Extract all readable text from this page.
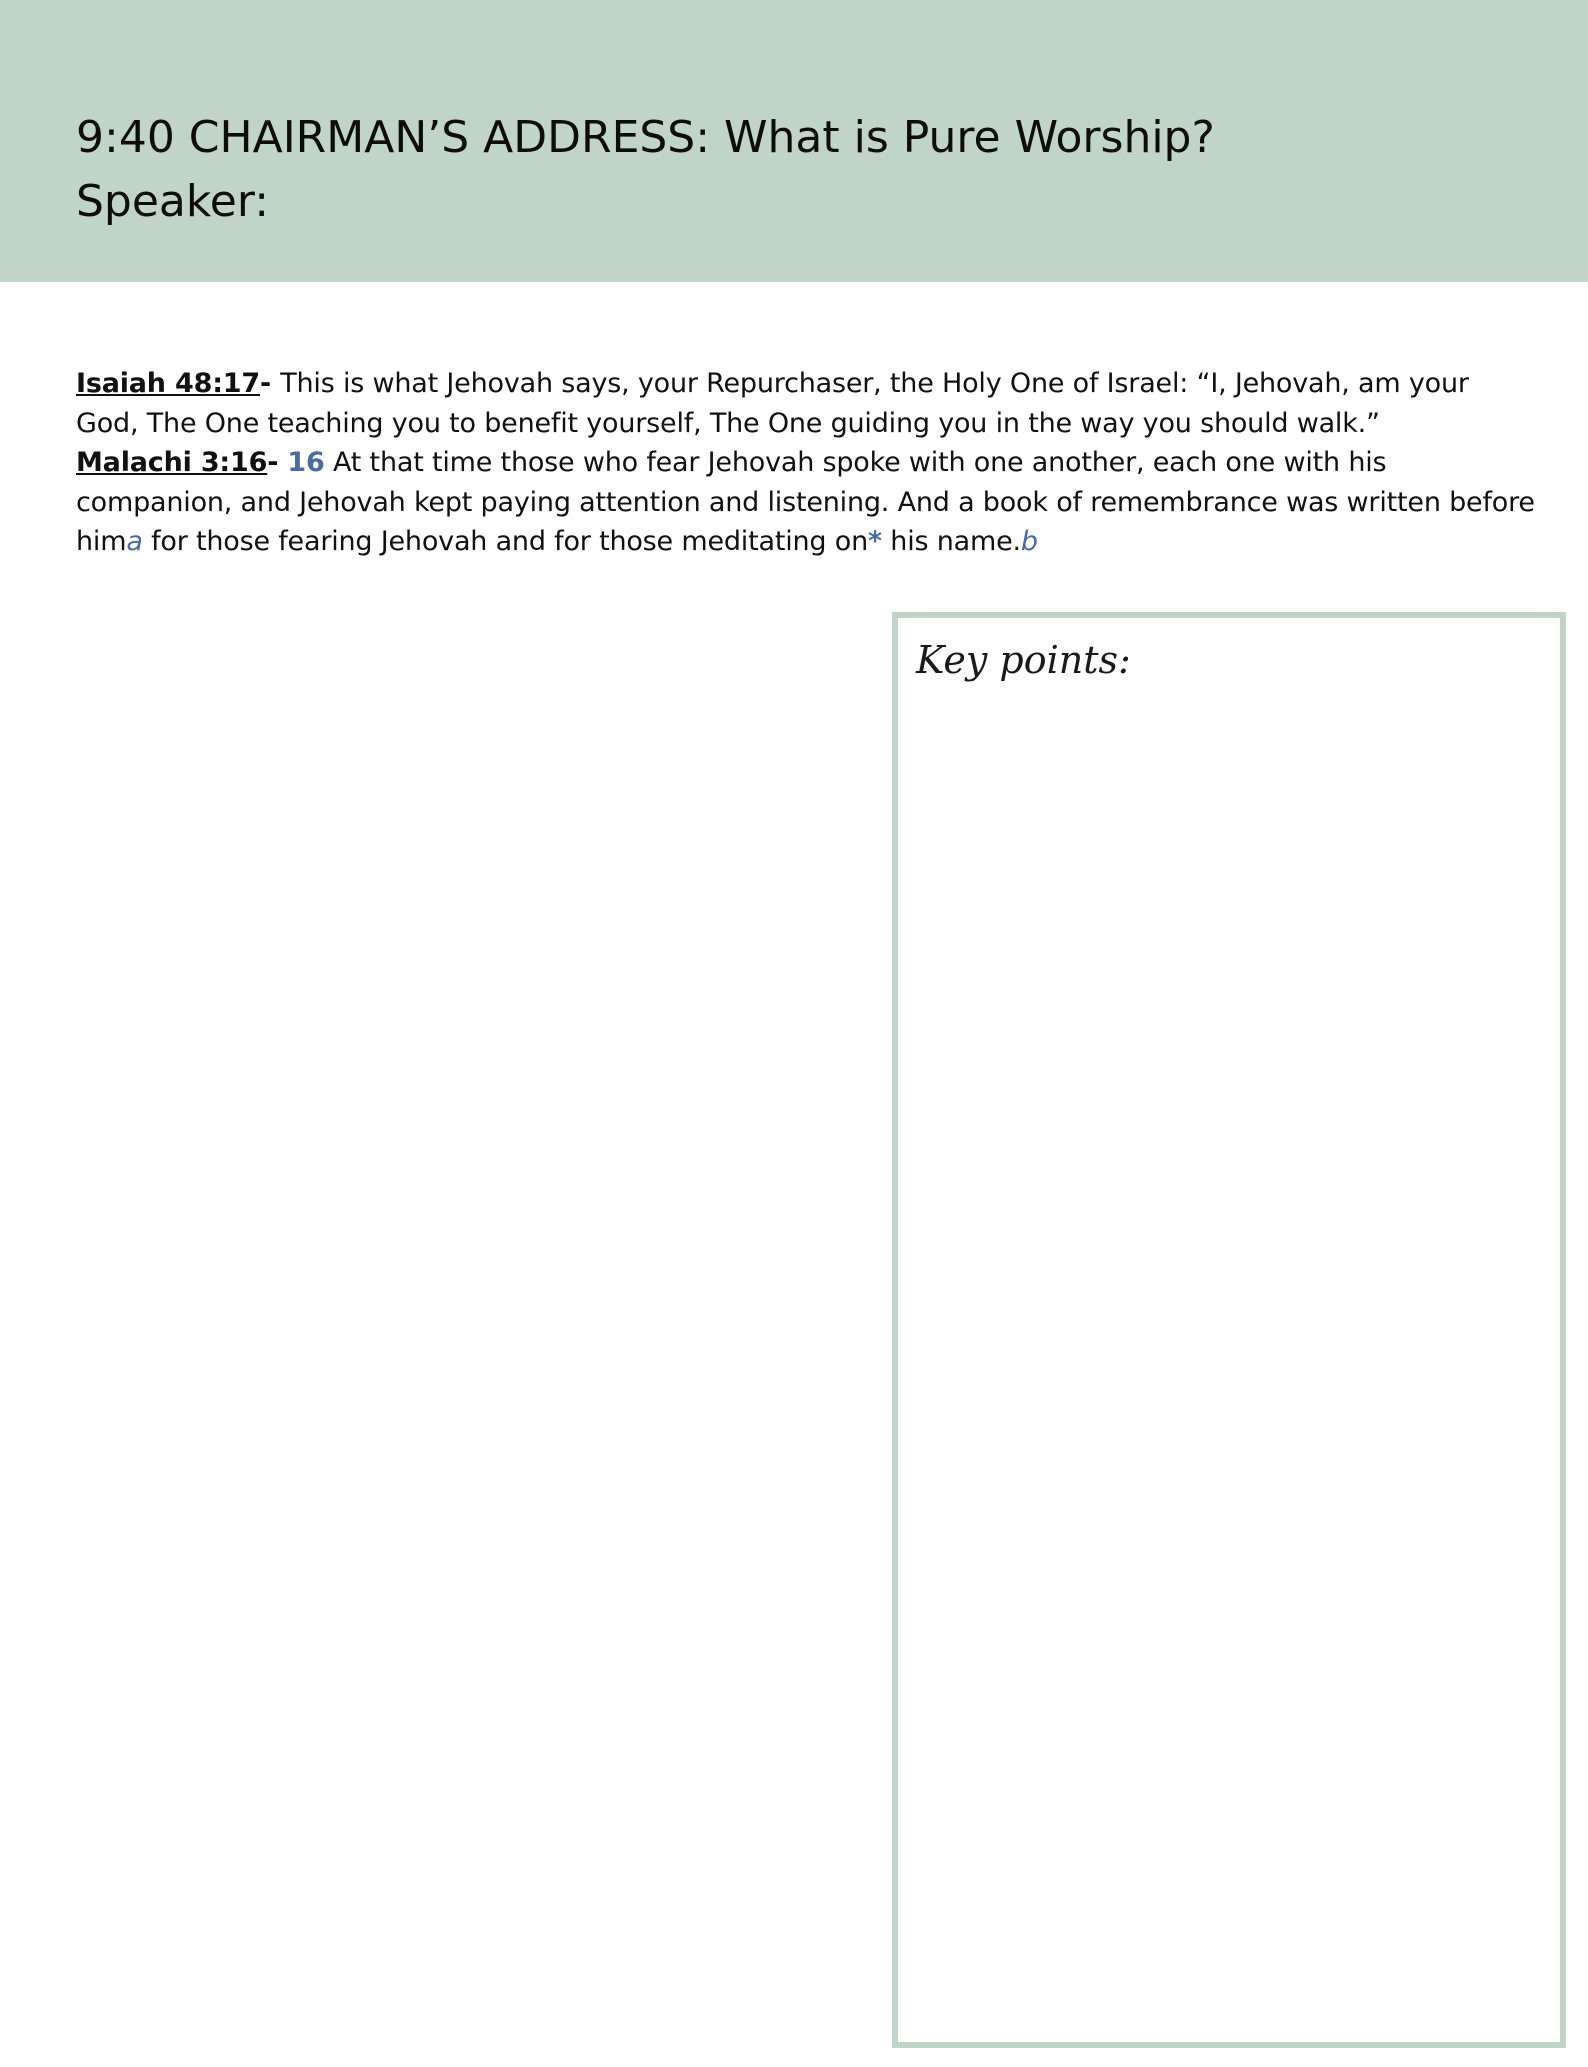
9:40 CHAIRMAN’S ADDRESS: What is Pure Worship?
Speaker:

Isaiah 48:17- This is what Jehovah says, your Repurchaser, the Holy One of Israel: “I, Jehovah, am your God, The One teaching you to benefit yourself, The One guiding you in the way you should walk.”

Malachi 3:16- 16 At that time those who fear Jehovah spoke with one another, each one with his companion, and Jehovah kept paying attention and listening. And a book of remembrance was written before hima for those fearing Jehovah and for those meditating on* his name.b

Key points:
